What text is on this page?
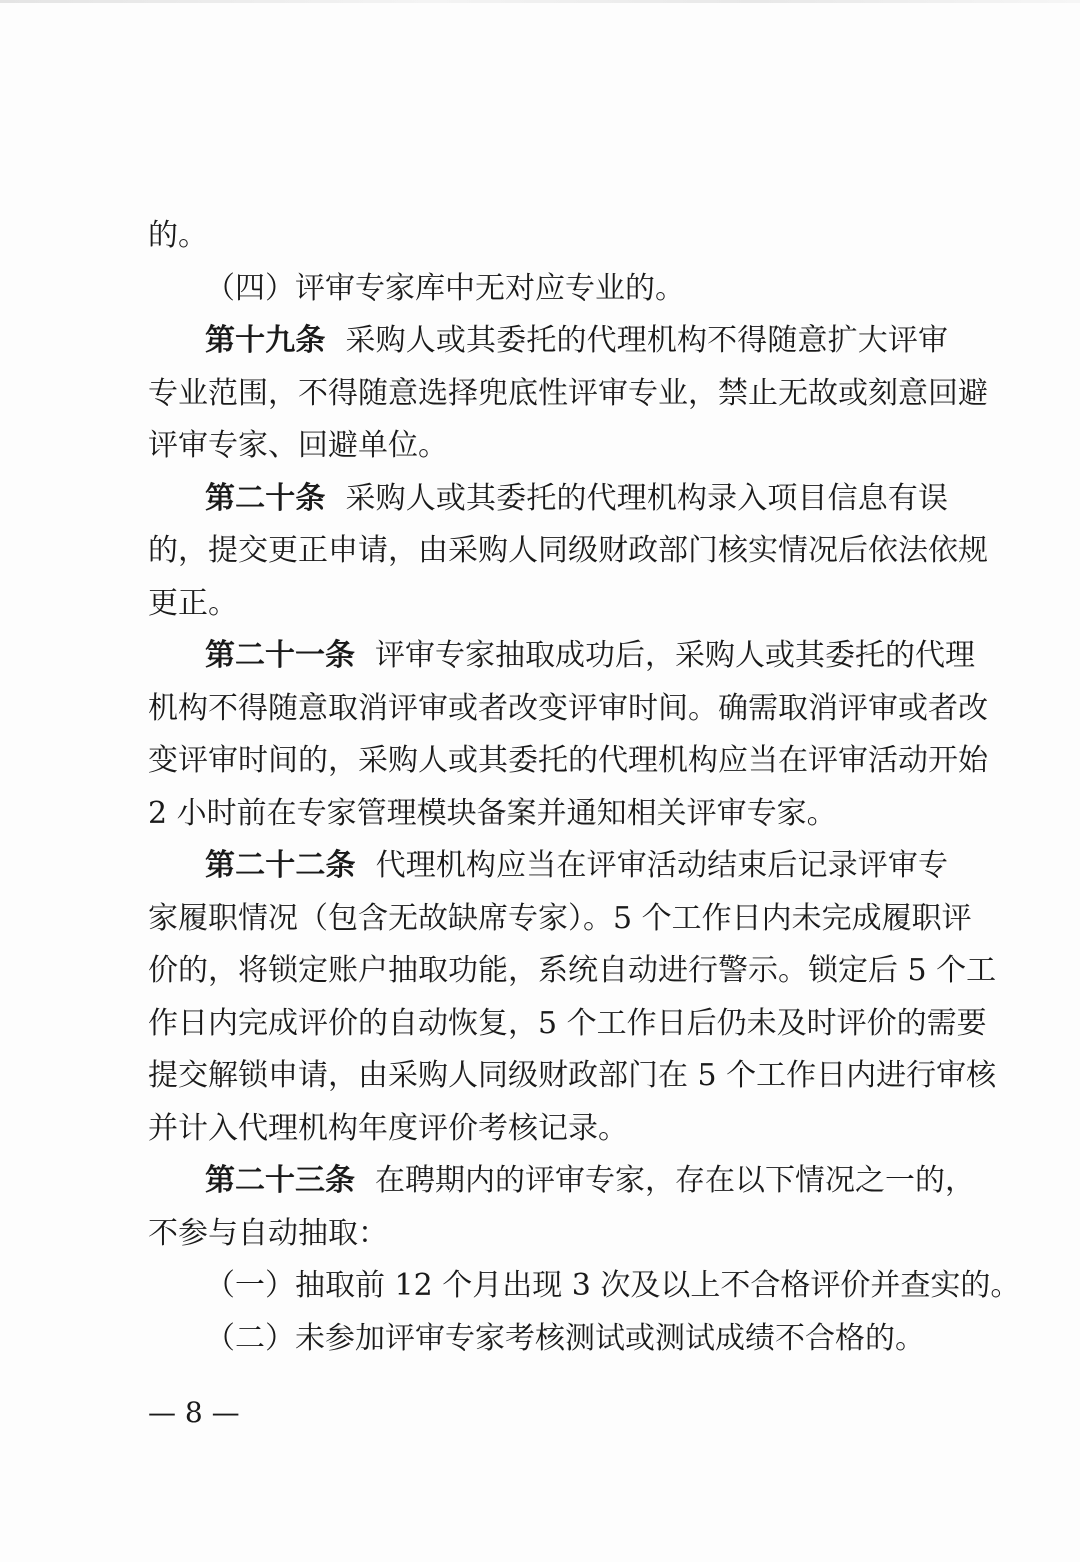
的。
（四）评审专家库中无对应专业的。
第十九条 采购人或其委托的代理机构不得随意扩大评审
专业范围，不得随意选择兜底性评审专业，禁止无故或刻意回避
评审专家、回避单位。
第二十条 采购人或其委托的代理机构录入项目信息有误
的，提交更正申请，由采购人同级财政部门核实情况后依法依规
更正。
第二十一条 评审专家抽取成功后，采购人或其委托的代理
机构不得随意取消评审或者改变评审时间。确需取消评审或者改
变评审时间的，采购人或其委托的代理机构应当在评审活动开始
2 小时前在专家管理模块备案并通知相关评审专家。
第二十二条 代理机构应当在评审活动结束后记录评审专
家履职情况（包含无故缺席专家）。5 个工作日内未完成履职评
价的，将锁定账户抽取功能，系统自动进行警示。锁定后 5 个工
作日内完成评价的自动恢复，5 个工作日后仍未及时评价的需要
提交解锁申请，由采购人同级财政部门在 5 个工作日内进行审核
并计入代理机构年度评价考核记录。
第二十三条 在聘期内的评审专家，存在以下情况之一的，
不参与自动抽取：
（一）抽取前 12 个月出现 3 次及以上不合格评价并查实的。
（二）未参加评审专家考核测试或测试成绩不合格的。
— 8 —
